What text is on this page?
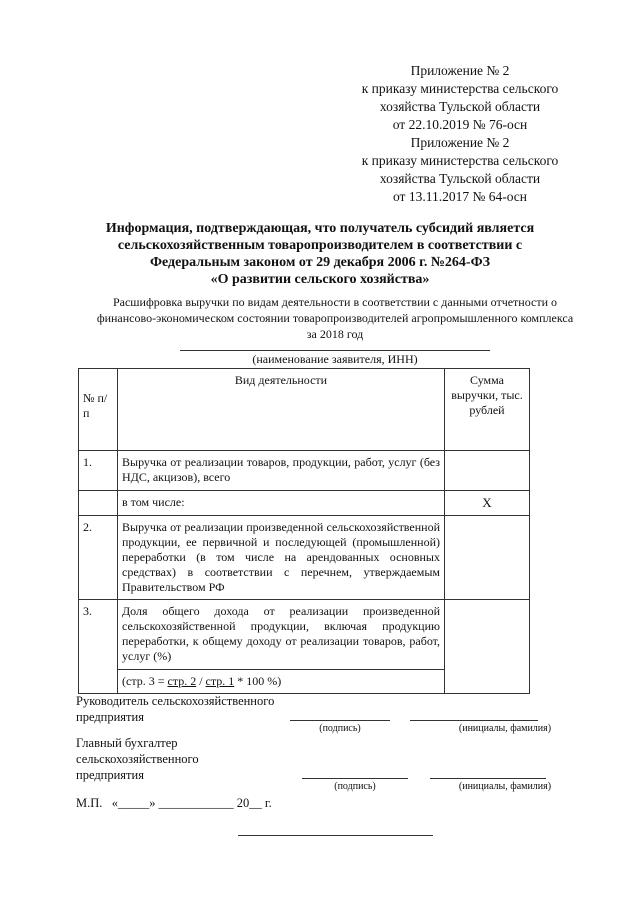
Приложение № 2
к приказу министерства сельского
хозяйства Тульской области
от 22.10.2019 № 76-осн
Приложение № 2
к приказу министерства сельского
хозяйства Тульской области
от 13.11.2017 № 64-осн
Информация, подтверждающая, что получатель субсидий является
сельскохозяйственным товаропроизводителем в соответствии с
Федеральным законом от 29 декабря 2006 г. №264-ФЗ
«О развитии сельского хозяйства»
Расшифровка выручки по видам деятельности в соответствии с данными отчетности о
финансово-экономическом состоянии товаропроизводителей агропромышленного комплекса
за 2018 год
(наименование заявителя, ИНН)
№ п/п	Вид деятельности	Сумма выручки, тыс. рублей
1.	Выручка от реализации товаров, продукции, работ, услуг (без НДС, акцизов), всего	
	в том числе:	X
2.	Выручка от реализации произведенной сельскохозяйственной продукции, ее первичной и последующей (промышленной) переработки (в том числе на арендованных основных средствах) в соответствии с перечнем, утверждаемым Правительством РФ	
3.	Доля общего дохода от реализации произведенной сельскохозяйственной продукции, включая продукцию переработки, к общему доходу от реализации товаров, работ, услуг (%)	
	(стр. 3 = стр. 2 / стр. 1 * 100 %)	
Руководитель сельскохозяйственного
предприятия
(подпись)	(инициалы, фамилия)
Главный бухгалтер
сельскохозяйственного
предприятия
(подпись)	(инициалы, фамилия)
М.П.   «_____» ____________ 20__ г.
